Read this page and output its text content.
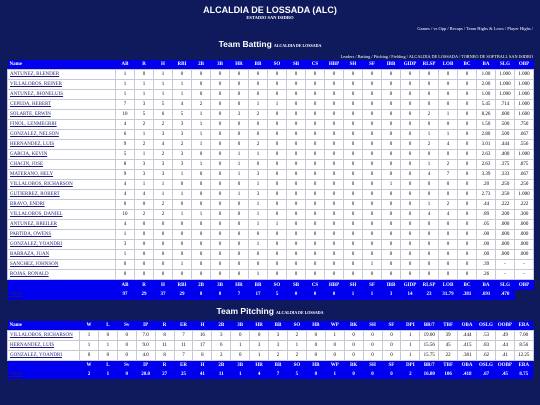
ALCALDIA DE LOSSADA (ALC)
ESTADIO SAN ISIDRO
Games / vs Opp / Recaps / Team Highs & Lows / Player Highs /
Team Batting ALCALDIA DE LOSSADA
Leaders / Batting / Pitching / Fielding / ALCALDIA DE LOSSADA / TORNEO DE SOFTBALL SAN ISIDRO
Name	AB	R	H	RBI	2B	3B	HR	BB	SO	SB	CS	HBP	SH	SF	IBB	GIDP	RLSP	LOB	BC	BA	SLG	OBP	
ANTUNEZ, BLENDER	1	0	1	0	0	0	0	0	0	0	0	0	0	0	0	0	0	0	0	1.00	1.000	1.000	
VILLALOBOS, REINER	1	1	1	1	0	0	0	0	0	0	0	0	0	0	0	0	0	0	0	2.00	1.000	1.000	
ANTUNEZ, JHONELUIS	1	1	1	1	0	0	0	0	0	0	0	0	0	0	0	0	0	0	0	1.00	1.000	1.000	
CEPEDA, HEBERT	7	3	5	4	2	0	0	1	1	0	0	0	0	0	0	0	0	0	0	5.45	.714	1.000	
SOLARTE, ERWIN	10	5	6	5	1	0	3	2	0	0	0	0	0	0	0	0	2	1	0	8.26	.600	1.600	
FINOL, LENMEGRIH	4	2	2	3	1	0	0	0	0	0	0	0	0	0	0	0	0	0	0	1.50	.500	.750	
GONZALEZ, NELSON	6	1	3	3	1	0	0	0	0	0	0	0	0	0	0	0	1	1	0	2.80	.500	.667	
HERNANDEZ, LUIS	9	2	4	2	1	0	0	2	0	0	0	0	0	0	0	0	2	4	0	3.01	.444	.556	
GARCIA, KEVIN	5	1	2	3	0	0	1	1	0	0	0	0	0	0	0	0	0	0	0	2.63	.400	1.000	
CHACIN, JOSE	8	3	3	3	1	0	1	0	0	0	0	0	0	0	0	0	1	2	0	2.63	.375	.875	
MATERANO, HELY	9	3	3	1	0	0	1	3	0	0	0	0	0	0	0	0	4	7	0	3.39	.333	.667	
VILLALOBOS, RICHARSON	4	1	1	0	0	0	0	1	0	0	0	0	0	0	1	0	0	0	0	.20	.250	.250	
GUTIERREZ, ROBERT	4	4	1	1	0	0	1	3	0	0	0	0	0	0	0	0	0	0	0	2.73	.250	1.000	
BRAVO, ENDRI	0	0	2	0	0	0	0	1	0	0	0	0	0	0	0	0	1	2	0	.44	.222	.222	
VILLALOBOS, DANIEL	10	2	2	1	1	0	0	1	0	0	0	0	0	0	0	0	4	4	0	.89	.200	.300	
ANTUNEZ, BREILER	4	0	0	0	0	0	0	1	1	0	0	0	0	0	0	0	0	0	0	.05	.000	.000	
PARTIDA, OWENS	1	0	0	0	0	0	0	0	0	0	0	0	0	0	0	0	0	0	0	.00	.000	.000	
GONZALEZ, YOANDRI	3	0	0	0	0	0	0	1	0	0	0	0	0	0	0	0	0	0	0	.00	.000	.000	
BARRAZA, JUAN	1	0	0	0	0	0	0	0	0	0	0	0	0	0	0	0	0	0	0	.00	.000	.000	
SANCHEZ, JOHNSON	0	0	0	1	0	0	0	0	0	0	0	0	0	1	0	0	0	0	0	.39	-	-	
ROJAS, RONALD	0	0	0	0	0	0	0	1	0	0	0	0	0	0	0	0	0	0	0	.26	-	-	
	AB	R	H	RBI	2B	3B	HR	BB	SO	SB	CS	HBP	SH	SF	IBB	GIDP	RLSP	LOB	BC	BA	SLG	OBP	
Totals	97	29	37	29	8	0	7	17	5	0	0	0	1	1	3	14	23	31.79	.381	.691	.470		
Team Pitching ALCALDIA DE LOSSADA
Name	W	L	Sv	IP	R	ER	H	2B	3B	HR	BB	SO	HB	WP	BK	SH	SF	DPI	BR/7	TBF	OBA	OSLG	OOBP	ERA
VILLALOBOS, RICHARSON	1	0	0	7.0	8	7	16	3	0	0	3	2	0	1	0	0	0	1	19.00	39	.444	.53	.49	7.00
HERNANDEZ, LUIS	1	1	0	9.0	11	11	17	6	1	3	3	1	0	0	0	0	0	1	15.56	45	.415	.83	.44	8.56
GONZALEZ, YOANDRI	0	0	0	4.0	8	7	8	2	0	1	2	2	0	0	0	0	0	1	15.75	22	.381	.62	.41	12.25
	W	L	Sv	IP	R	ER	H	2B	3B	HR	BB	SO	HB	WP	BK	SH	SF	DPI	BR/7	TBF	OBA	OSLG	OOBP	ERA
Totals	2	1	0	20.0	27	25	41	11	1	4	7	5	0	1	0	0	0	2	16.80	106	.418	.67	.45	8.75
